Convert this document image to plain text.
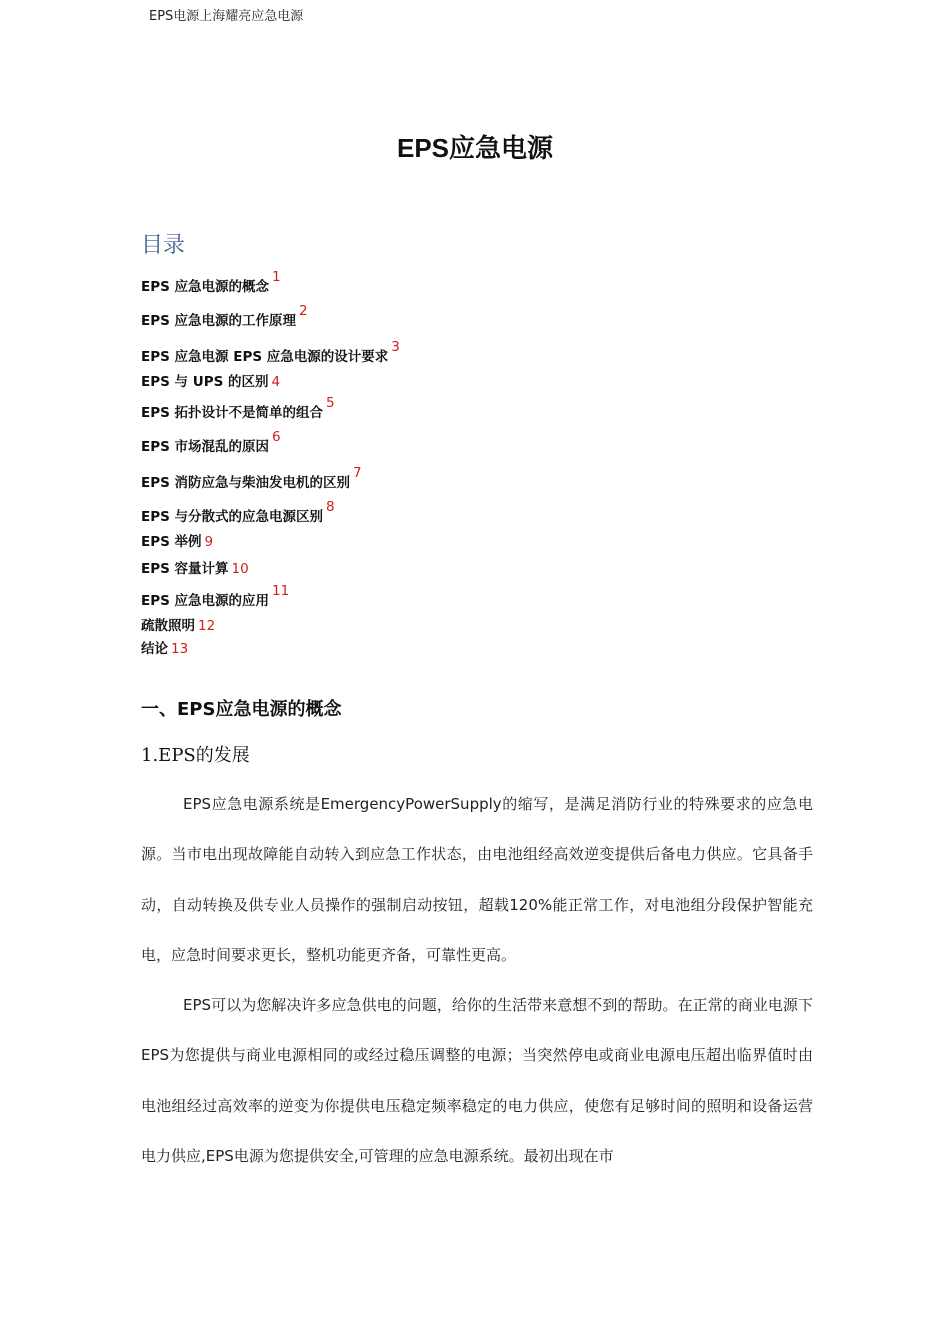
EPS电源上海耀亮应急电源
EPS应急电源
目录
EPS 应急电源的概念1
EPS 应急电源的工作原理2
EPS 应急电源 EPS 应急电源的设计要求3
EPS 与 UPS 的区别 4
EPS 拓扑设计不是简单的组合5
EPS 市场混乱的原因6
EPS 消防应急与柴油发电机的区别7
EPS 与分散式的应急电源区别8
EPS 举例 9
EPS 容量计算 10
EPS 应急电源的应用11
疏散照明 12
结论 13
一、EPS应急电源的概念
1.EPS的发展
EPS应急电源系统是EmergencyPowerSupply的缩写，是满足消防行业的特殊要求的应急电源。当市电出现故障能自动转入到应急工作状态，由电池组经高效逆变提供后备电力供应。它具备手动，自动转换及供专业人员操作的强制启动按钮，超载120%能正常工作，对电池组分段保护智能充电，应急时间要求更长，整机功能更齐备，可靠性更高。
EPS可以为您解决许多应急供电的问题，给你的生活带来意想不到的帮助。在正常的商业电源下EPS为您提供与商业电源相同的或经过稳压调整的电源；当突然停电或商业电源电压超出临界值时由电池组经过高效率的逆变为你提供电压稳定频率稳定的电力供应，使您有足够时间的照明和设备运营电力供应,EPS电源为您提供安全,可管理的应急电源系统。最初出现在市
